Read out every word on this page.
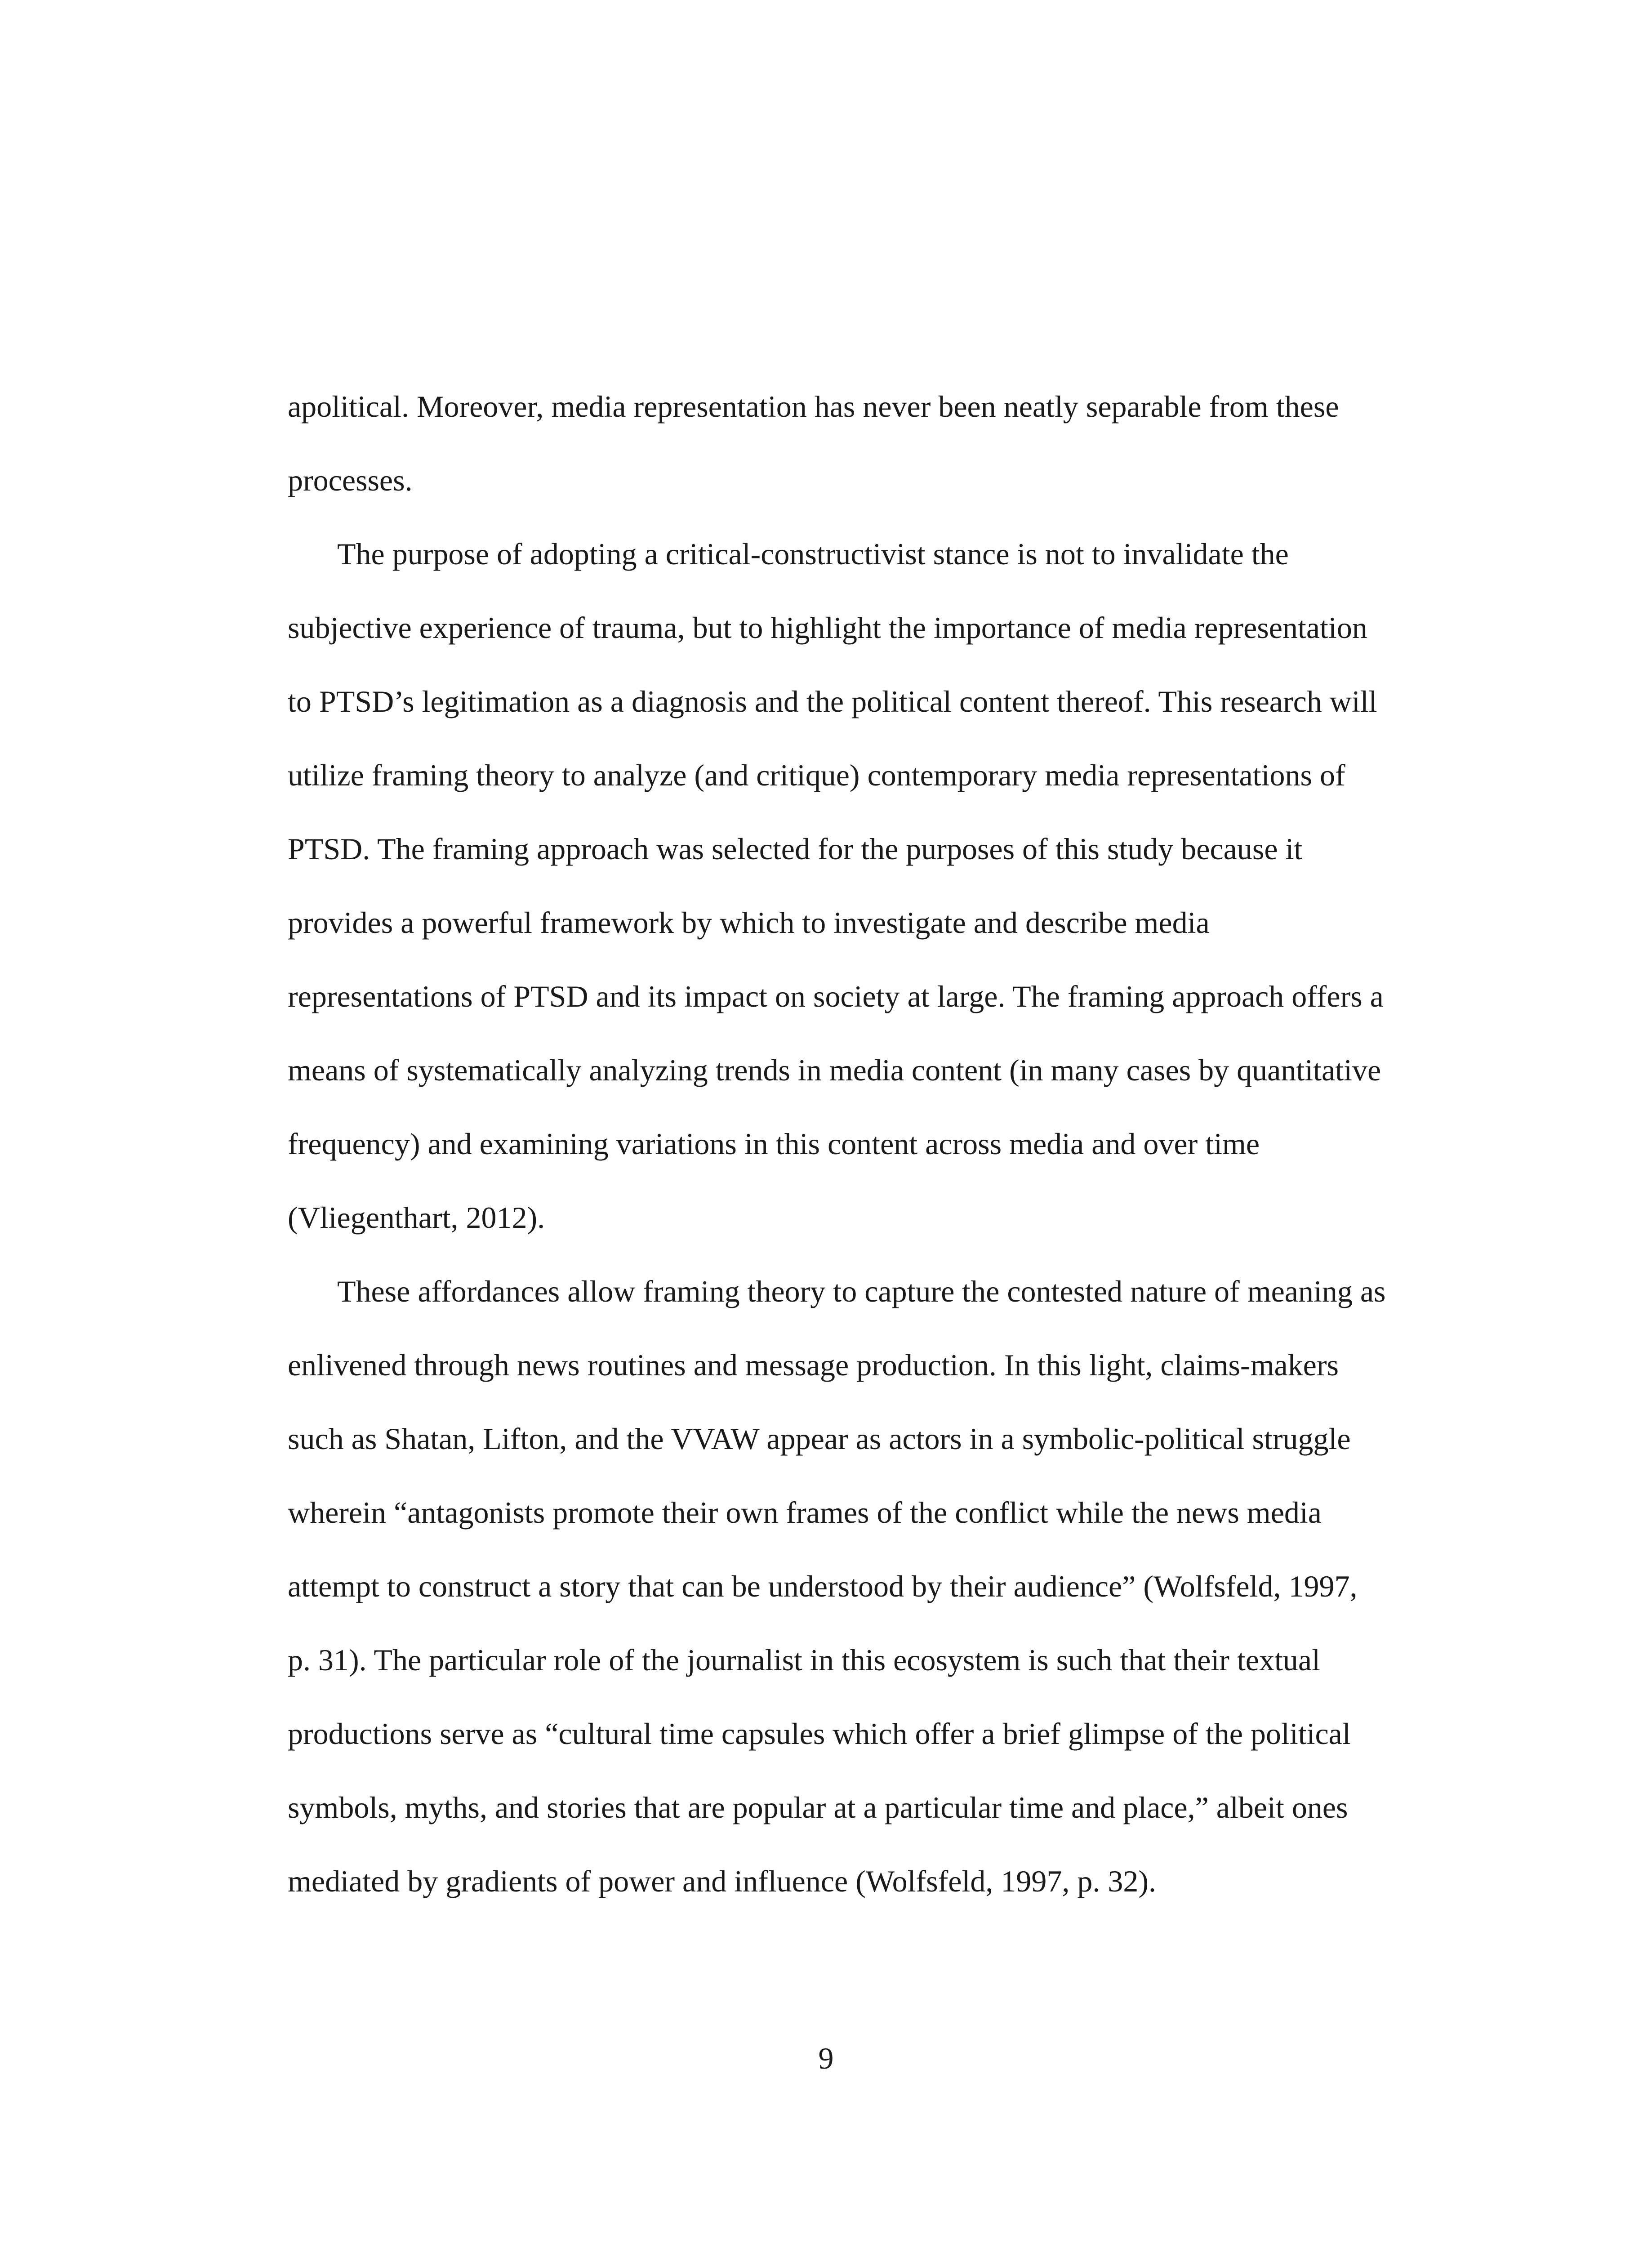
apolitical. Moreover, media representation has never been neatly separable from these
processes.
The purpose of adopting a critical-constructivist stance is not to invalidate the
subjective experience of trauma, but to highlight the importance of media representation
to PTSD’s legitimation as a diagnosis and the political content thereof. This research will
utilize framing theory to analyze (and critique) contemporary media representations of
PTSD. The framing approach was selected for the purposes of this study because it
provides a powerful framework by which to investigate and describe media
representations of PTSD and its impact on society at large. The framing approach offers a
means of systematically analyzing trends in media content (in many cases by quantitative
frequency) and examining variations in this content across media and over time
(Vliegenthart, 2012).
These affordances allow framing theory to capture the contested nature of meaning as
enlivened through news routines and message production. In this light, claims-makers
such as Shatan, Lifton, and the VVAW appear as actors in a symbolic-political struggle
wherein “antagonists promote their own frames of the conflict while the news media
attempt to construct a story that can be understood by their audience” (Wolfsfeld, 1997,
p. 31). The particular role of the journalist in this ecosystem is such that their textual
productions serve as “cultural time capsules which offer a brief glimpse of the political
symbols, myths, and stories that are popular at a particular time and place,” albeit ones
mediated by gradients of power and influence (Wolfsfeld, 1997, p. 32).
9
